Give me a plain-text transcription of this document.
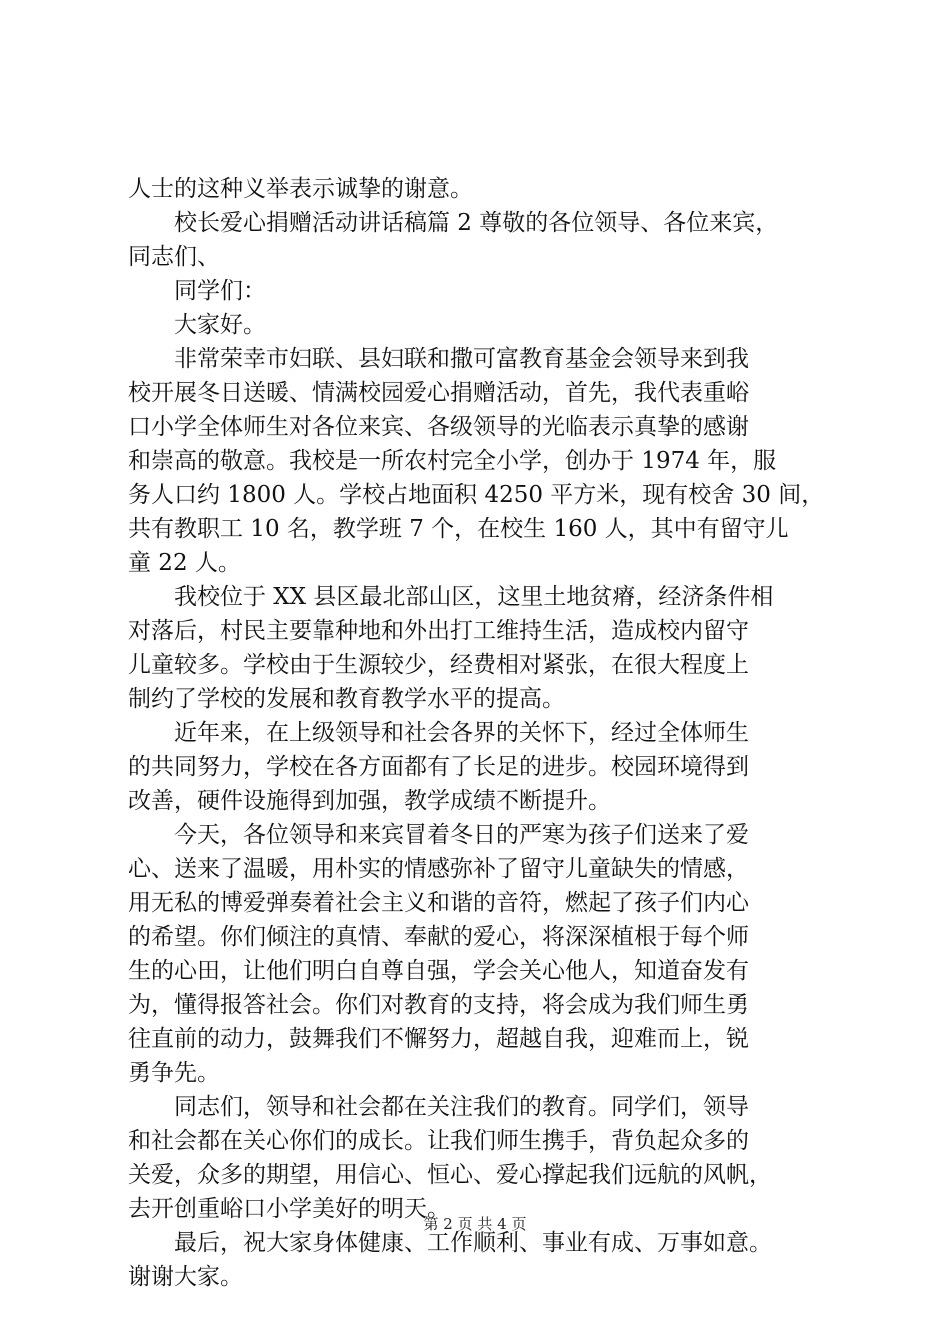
人士的这种义举表示诚挚的谢意。
校长爱心捐赠活动讲话稿篇 2 尊敬的各位领导、各位来宾，
同志们、
同学们：
大家好。
非常荣幸市妇联、县妇联和撒可富教育基金会领导来到我
校开展冬日送暖、情满校园爱心捐赠活动，首先，我代表重峪
口小学全体师生对各位来宾、各级领导的光临表示真挚的感谢
和崇高的敬意。我校是一所农村完全小学，创办于 1974 年，服
务人口约 1800 人。学校占地面积 4250 平方米，现有校舍 30 间，
共有教职工 10 名，教学班 7 个，在校生 160 人，其中有留守儿
童 22 人。
我校位于 XX 县区最北部山区，这里土地贫瘠，经济条件相
对落后，村民主要靠种地和外出打工维持生活，造成校内留守
儿童较多。学校由于生源较少，经费相对紧张，在很大程度上
制约了学校的发展和教育教学水平的提高。
近年来，在上级领导和社会各界的关怀下，经过全体师生
的共同努力，学校在各方面都有了长足的进步。校园环境得到
改善，硬件设施得到加强，教学成绩不断提升。
今天，各位领导和来宾冒着冬日的严寒为孩子们送来了爱
心、送来了温暖，用朴实的情感弥补了留守儿童缺失的情感，
用无私的博爱弹奏着社会主义和谐的音符，燃起了孩子们内心
的希望。你们倾注的真情、奉献的爱心，将深深植根于每个师
生的心田，让他们明白自尊自强，学会关心他人，知道奋发有
为，懂得报答社会。你们对教育的支持，将会成为我们师生勇
往直前的动力，鼓舞我们不懈努力，超越自我，迎难而上，锐
勇争先。
同志们，领导和社会都在关注我们的教育。同学们，领导
和社会都在关心你们的成长。让我们师生携手，背负起众多的
关爱，众多的期望，用信心、恒心、爱心撑起我们远航的风帆，
去开创重峪口小学美好的明天。
最后，祝大家身体健康、工作顺利、事业有成、万事如意。
谢谢大家。
第 2 页 共 4 页
